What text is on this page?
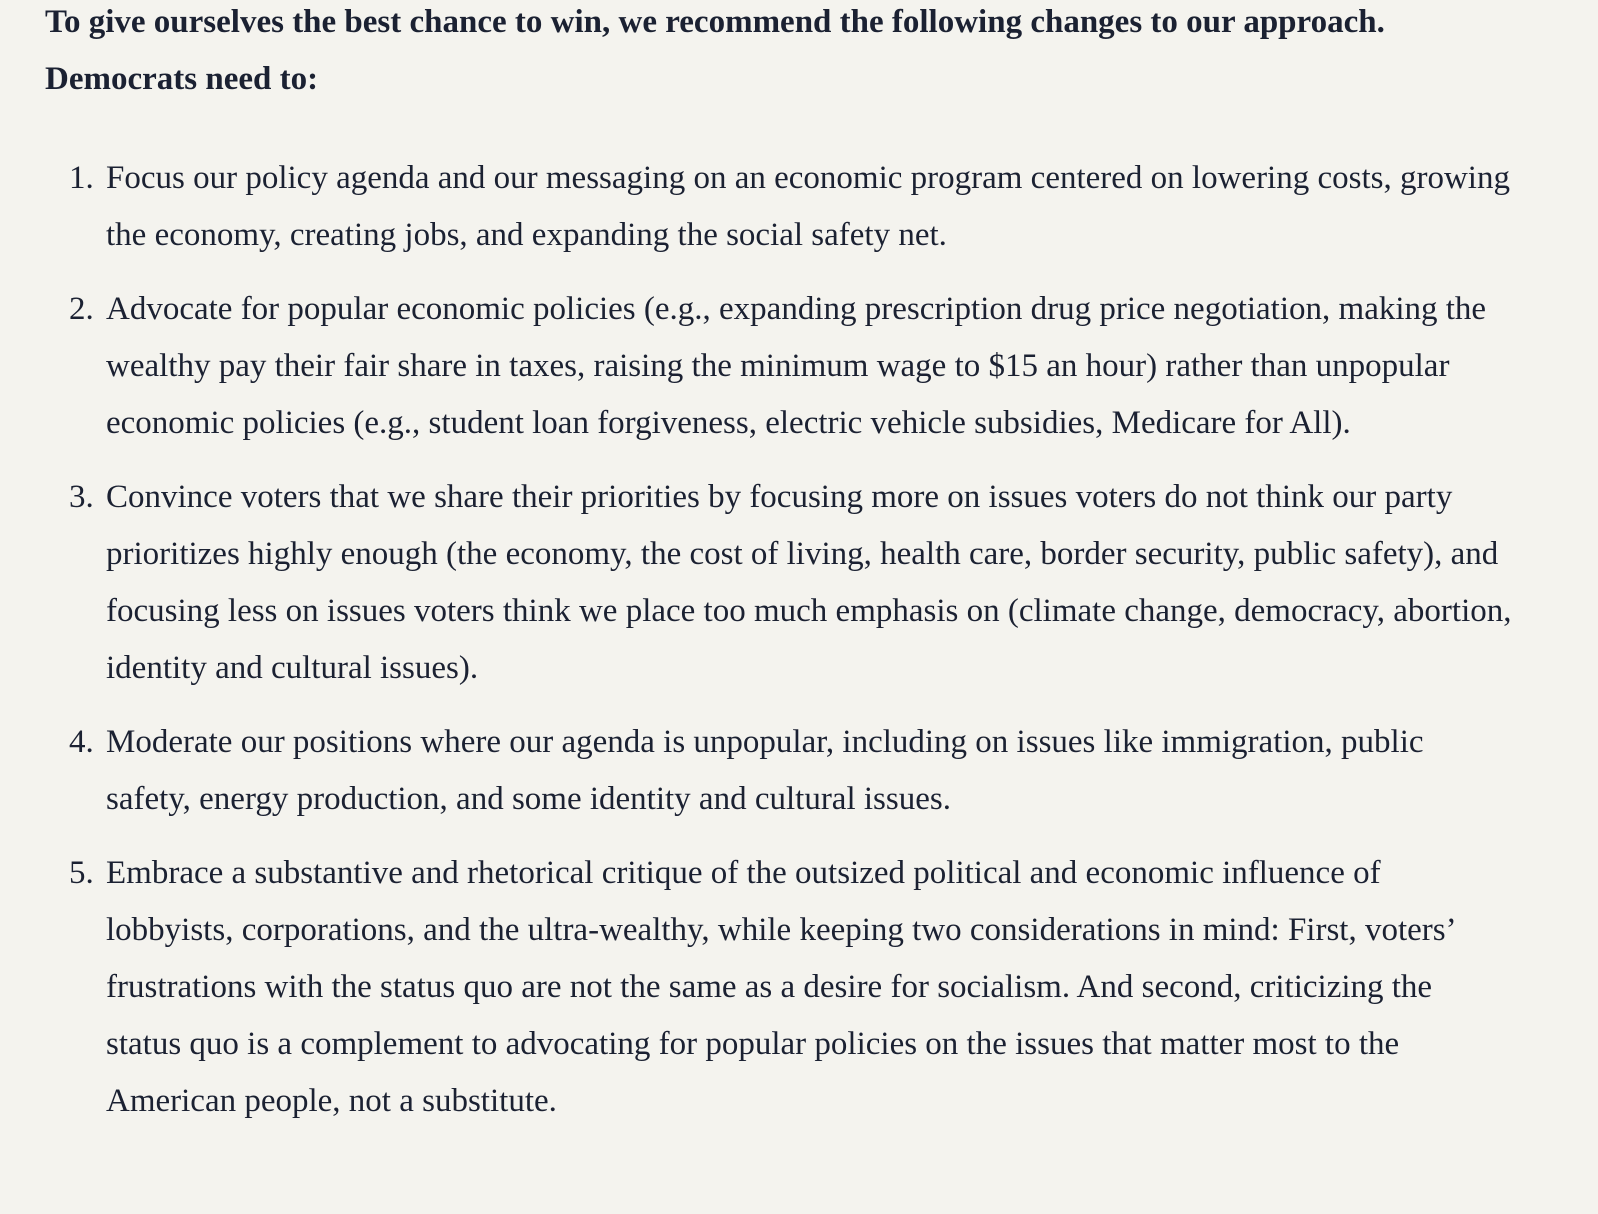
To give ourselves the best chance to win, we recommend the following changes to our approach. Democrats need to:

1. Focus our policy agenda and our messaging on an economic program centered on lowering costs, growing the economy, creating jobs, and expanding the social safety net.
2. Advocate for popular economic policies (e.g., expanding prescription drug price negotiation, making the wealthy pay their fair share in taxes, raising the minimum wage to $15 an hour) rather than unpopular economic policies (e.g., student loan forgiveness, electric vehicle subsidies, Medicare for All).
3. Convince voters that we share their priorities by focusing more on issues voters do not think our party prioritizes highly enough (the economy, the cost of living, health care, border security, public safety), and focusing less on issues voters think we place too much emphasis on (climate change, democracy, abortion, identity and cultural issues).
4. Moderate our positions where our agenda is unpopular, including on issues like immigration, public safety, energy production, and some identity and cultural issues.
5. Embrace a substantive and rhetorical critique of the outsized political and economic influence of lobbyists, corporations, and the ultra-wealthy, while keeping two considerations in mind: First, voters’ frustrations with the status quo are not the same as a desire for socialism. And second, criticizing the status quo is a complement to advocating for popular policies on the issues that matter most to the American people, not a substitute.
